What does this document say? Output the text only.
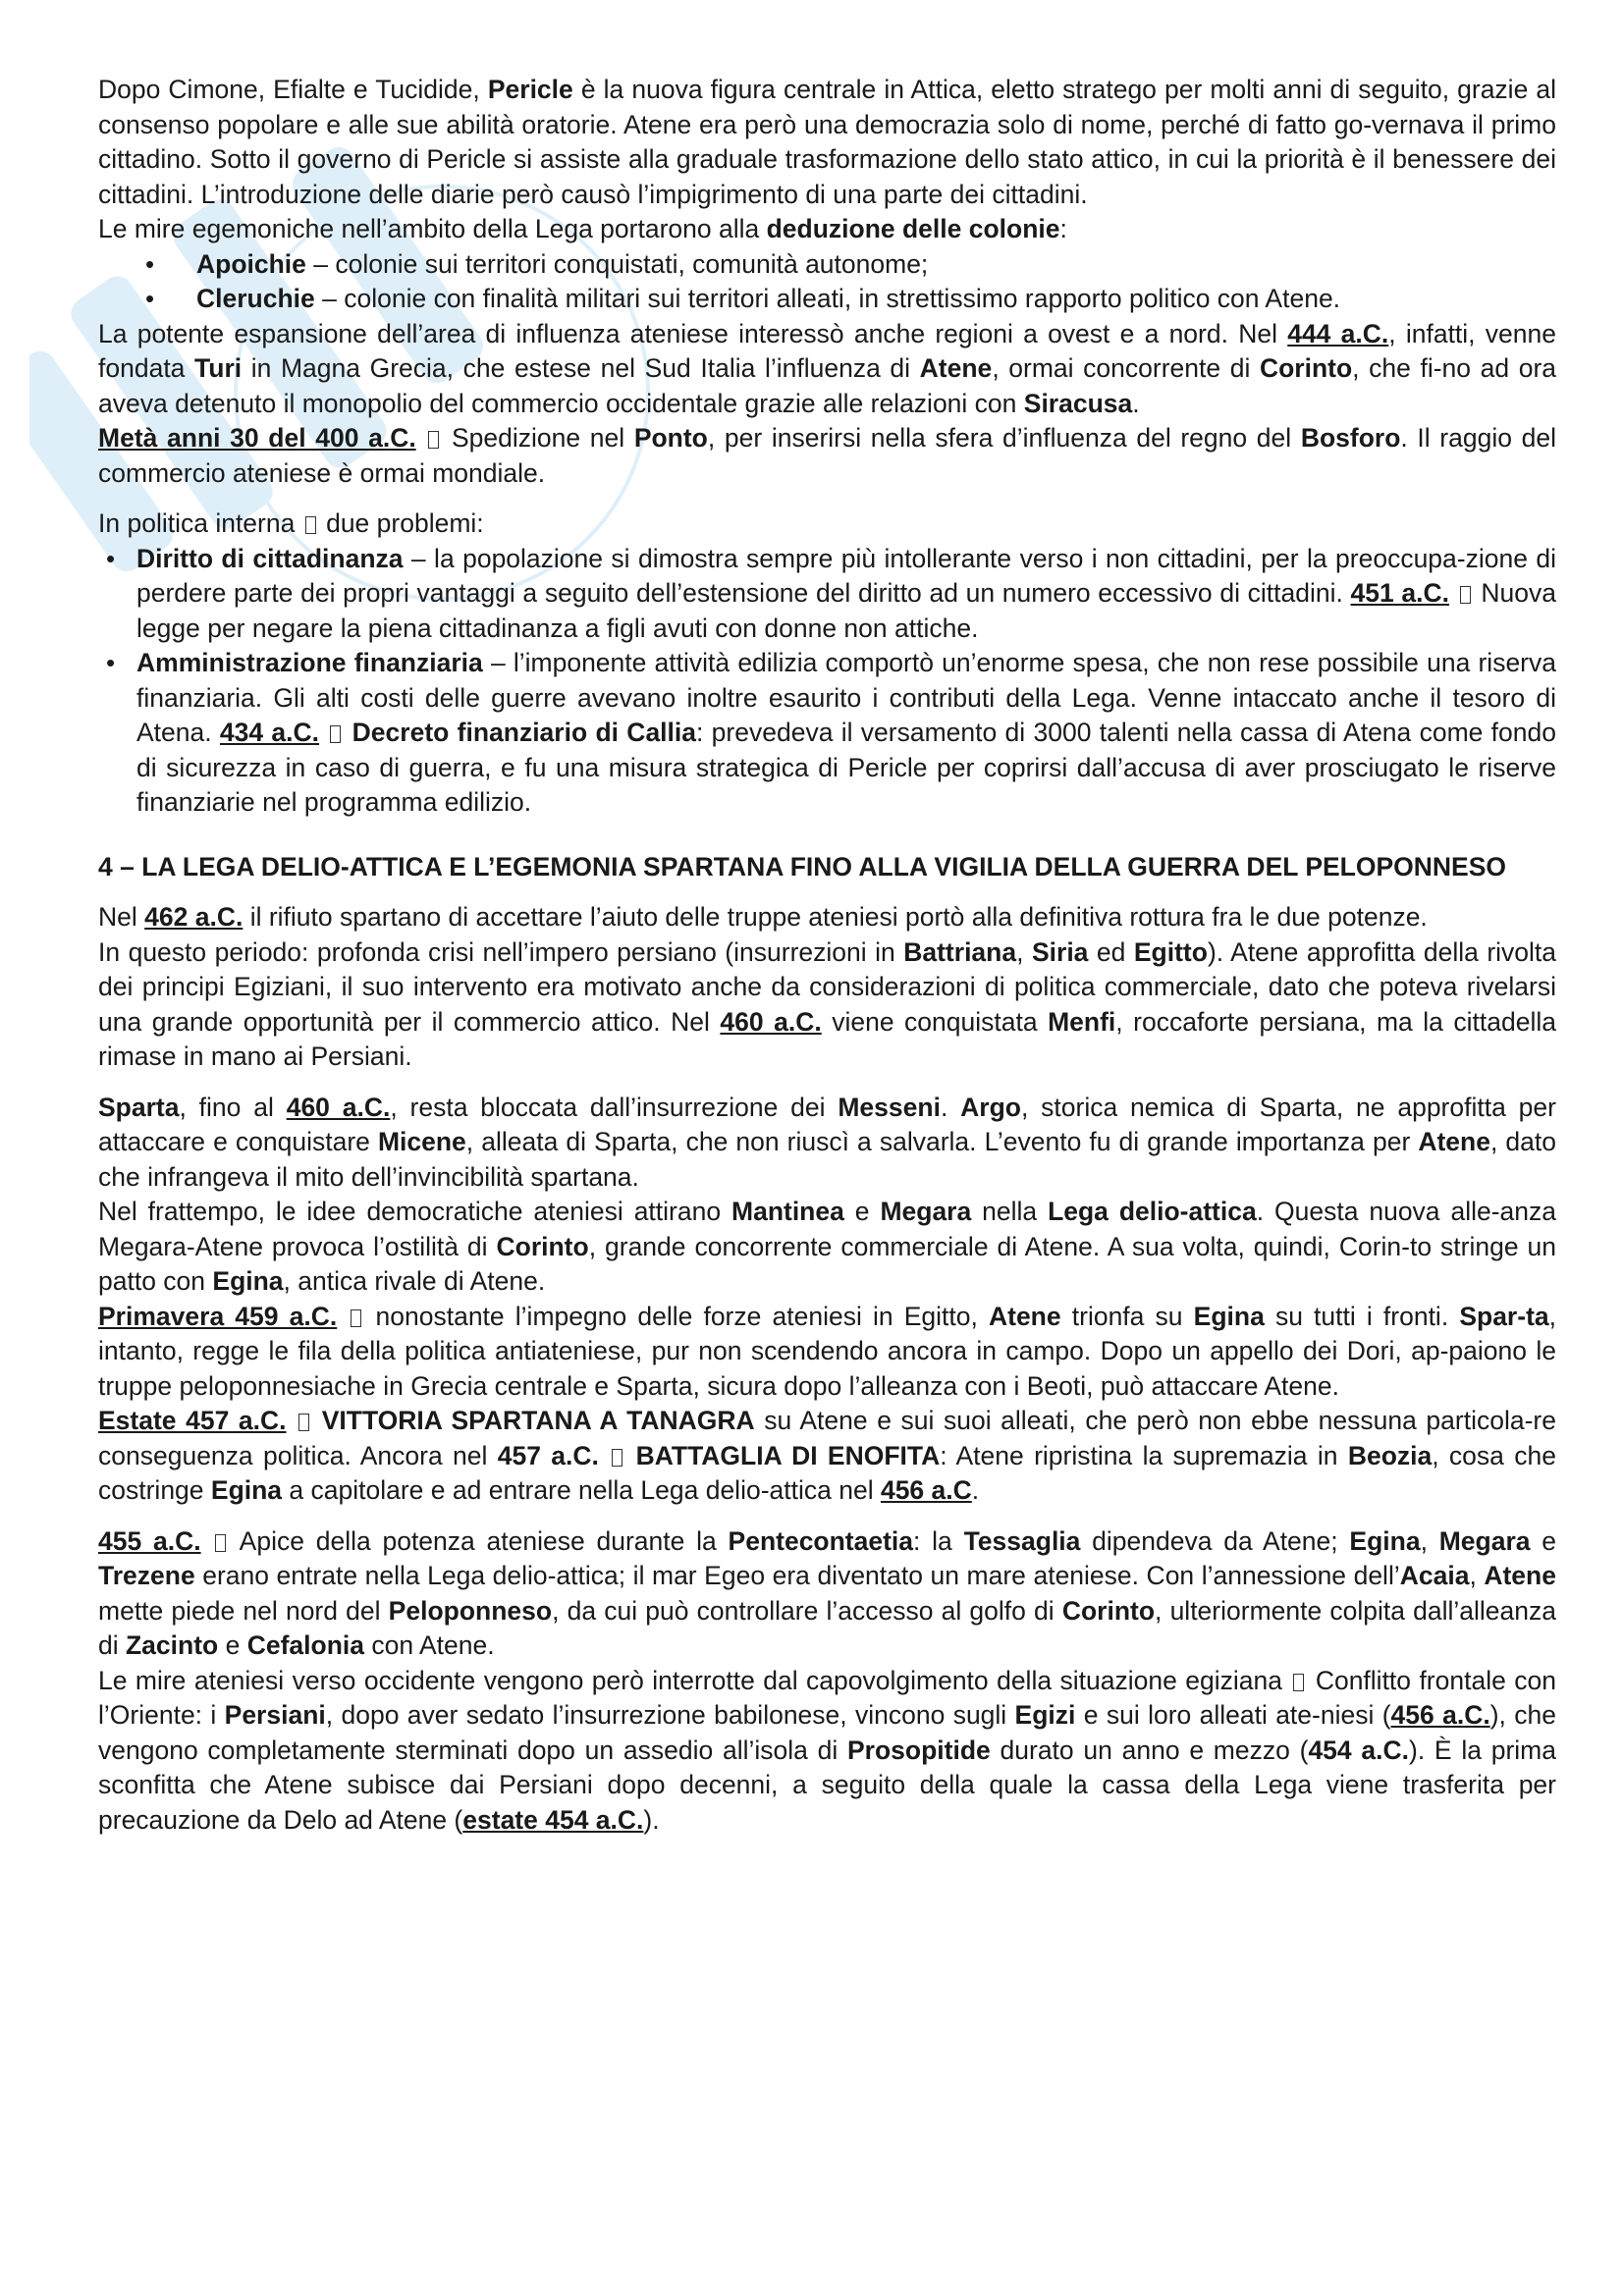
Dopo Cimone, Efialte e Tucidide, Pericle è la nuova figura centrale in Attica, eletto stratego per molti anni di seguito, grazie al consenso popolare e alle sue abilità oratorie. Atene era però una democrazia solo di nome, perché di fatto go-vernava il primo cittadino. Sotto il governo di Pericle si assiste alla graduale trasformazione dello stato attico, in cui la priorità è il benessere dei cittadini. L’introduzione delle diarie però causò l’impigrimento di una parte dei cittadini.

Le mire egemoniche nell’ambito della Lega portarono alla deduzione delle colonie:

• Apoichie – colonie sui territori conquistati, comunità autonome;
• Cleruchie – colonie con finalità militari sui territori alleati, in strettissimo rapporto politico con Atene.

La potente espansione dell’area di influenza ateniese interessò anche regioni a ovest e a nord. Nel 444 a.C., infatti, venne fondata Turi in Magna Grecia, che estese nel Sud Italia l’influenza di Atene, ormai concorrente di Corinto, che fi-no ad ora aveva detenuto il monopolio del commercio occidentale grazie alle relazioni con Siracusa.

Metà anni 30 del 400 a.C.  Spedizione nel Ponto, per inserirsi nella sfera d’influenza del regno del Bosforo. Il raggio del commercio ateniese è ormai mondiale.

In politica interna  due problemi:

• Diritto di cittadinanza – la popolazione si dimostra sempre più intollerante verso i non cittadini, per la preoccupa-zione di perdere parte dei propri vantaggi a seguito dell’estensione del diritto ad un numero eccessivo di cittadini. 451 a.C.  Nuova legge per negare la piena cittadinanza a figli avuti con donne non attiche.
• Amministrazione finanziaria – l’imponente attività edilizia comportò un’enorme spesa, che non rese possibile una riserva finanziaria. Gli alti costi delle guerre avevano inoltre esaurito i contributi della Lega. Venne intaccato anche il tesoro di Atena. 434 a.C. Decreto finanziario di Callia: prevedeva il versamento di 3000 talenti nella cassa di Atena come fondo di sicurezza in caso di guerra, e fu una misura strategica di Pericle per coprirsi dall’accusa di aver prosciugato le riserve finanziarie nel programma edilizio.

4 – LA LEGA DELIO-ATTICA E L’EGEMONIA SPARTANA FINO ALLA VIGILIA DELLA GUERRA DEL PELOPONNESO

Nel 462 a.C. il rifiuto spartano di accettare l’aiuto delle truppe ateniesi portò alla definitiva rottura fra le due potenze.

In questo periodo: profonda crisi nell’impero persiano (insurrezioni in Battriana, Siria ed Egitto). Atene approfitta della rivolta dei principi Egiziani, il suo intervento era motivato anche da considerazioni di politica commerciale, dato che poteva rivelarsi una grande opportunità per il commercio attico. Nel 460 a.C. viene conquistata Menfi, roccaforte persiana, ma la cittadella rimase in mano ai Persiani.

Sparta, fino al 460 a.C., resta bloccata dall’insurrezione dei Messeni. Argo, storica nemica di Sparta, ne approfitta per attaccare e conquistare Micene, alleata di Sparta, che non riuscì a salvarla. L’evento fu di grande importanza per Atene, dato che infrangeva il mito dell’invincibilità spartana.

Nel frattempo, le idee democratiche ateniesi attirano Mantinea e Megara nella Lega delio-attica. Questa nuova alle-anza Megara-Atene provoca l’ostilità di Corinto, grande concorrente commerciale di Atene. A sua volta, quindi, Corin-to stringe un patto con Egina, antica rivale di Atene.

Primavera 459 a.C.  nonostante l’impegno delle forze ateniesi in Egitto, Atene trionfa su Egina su tutti i fronti. Spar-ta, intanto, regge le fila della politica antiateniese, pur non scendendo ancora in campo. Dopo un appello dei Dori, ap-paiono le truppe peloponnesiache in Grecia centrale e Sparta, sicura dopo l’alleanza con i Beoti, può attaccare Atene.

Estate 457 a.C. VITTORIA SPARTANA A TANAGRA su Atene e sui suoi alleati, che però non ebbe nessuna particola-re conseguenza politica. Ancora nel 457 a.C. BATTAGLIA DI ENOFITA: Atene ripristina la supremazia in Beozia, cosa che costringe Egina a capitolare e ad entrare nella Lega delio-attica nel 456 a.C.

455 a.C.  Apice della potenza ateniese durante la Pentecontaetia: la Tessaglia dipendeva da Atene; Egina, Megara e Trezene erano entrate nella Lega delio-attica; il mar Egeo era diventato un mare ateniese. Con l’annessione dell’Acaia, Atene mette piede nel nord del Peloponneso, da cui può controllare l’accesso al golfo di Corinto, ulteriormente colpita dall’alleanza di Zacinto e Cefalonia con Atene.

Le mire ateniesi verso occidente vengono però interrotte dal capovolgimento della situazione egiziana  Conflitto frontale con l’Oriente: i Persiani, dopo aver sedato l’insurrezione babilonese, vincono sugli Egizi e sui loro alleati ate-niesi (456 a.C.), che vengono completamente sterminati dopo un assedio all’isola di Prosopitide durato un anno e mezzo (454 a.C.). È la prima sconfitta che Atene subisce dai Persiani dopo decenni, a seguito della quale la cassa della Lega viene trasferita per precauzione da Delo ad Atene (estate 454 a.C.).
